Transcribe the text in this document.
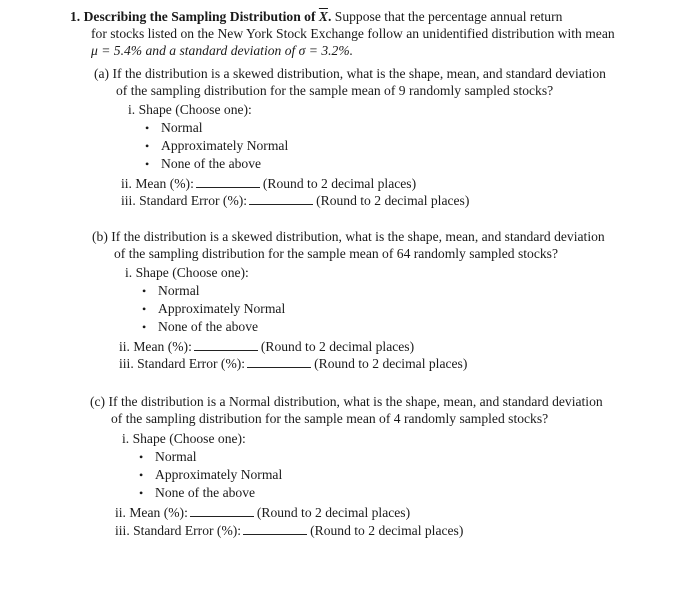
1. Describing the Sampling Distribution of $\overline{X}$. Suppose that the percentage annual return
for stocks listed on the New York Stock Exchange follow an unidentified distribution with mean
μ = 5.4% and a standard deviation of σ = 3.2%.
(a) If the distribution is a skewed distribution, what is the shape, mean, and standard deviation
of the sampling distribution for the sample mean of 9 randomly sampled stocks?
i. Shape (Choose one):
• Normal
• Approximately Normal
• None of the above
ii. Mean (%):	(Round to 2 decimal places)
iii. Standard Error (%):	(Round to 2 decimal places)
(b) If the distribution is a skewed distribution, what is the shape, mean, and standard deviation
of the sampling distribution for the sample mean of 64 randomly sampled stocks?
i. Shape (Choose one):
• Normal
• Approximately Normal
• None of the above
ii. Mean (%):	(Round to 2 decimal places)
iii. Standard Error (%):	(Round to 2 decimal places)
(c) If the distribution is a Normal distribution, what is the shape, mean, and standard deviation
of the sampling distribution for the sample mean of 4 randomly sampled stocks?
i. Shape (Choose one):
• Normal
• Approximately Normal
• None of the above
ii. Mean (%):	(Round to 2 decimal places)
iii. Standard Error (%):	(Round to 2 decimal places)
